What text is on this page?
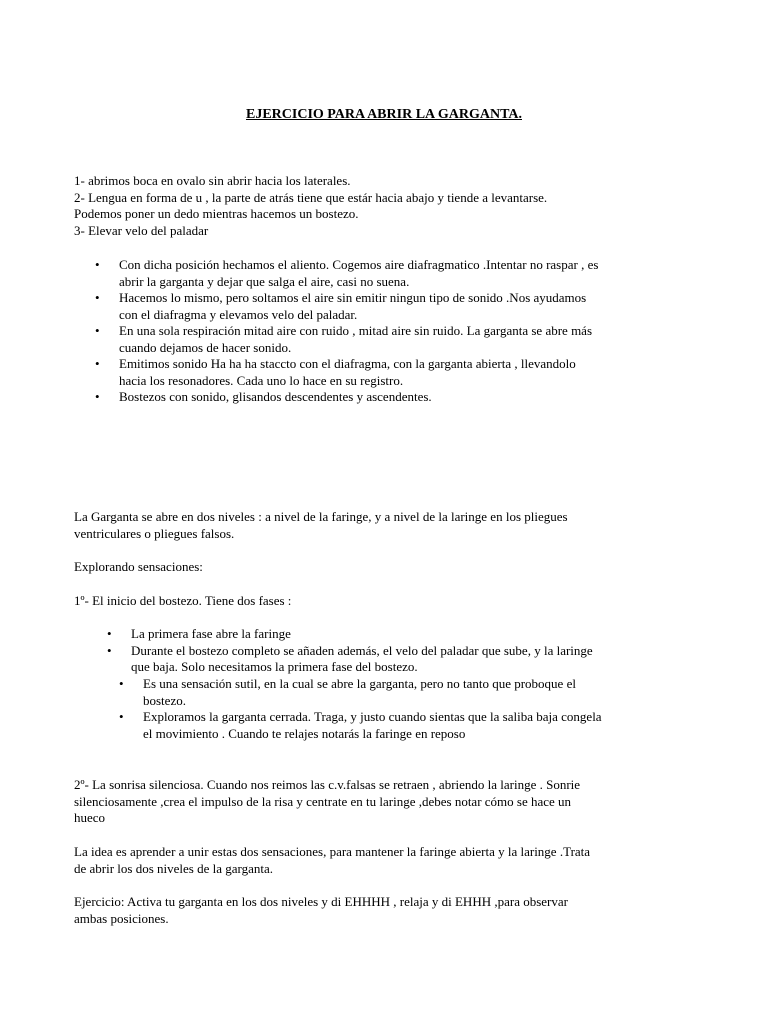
EJERCICIO PARA ABRIR LA GARGANTA.
1- abrimos boca en ovalo sin abrir hacia los laterales.
2- Lengua en forma de u , la parte de atrás tiene que estár hacia abajo y tiende a levantarse.
Podemos poner un dedo mientras hacemos un bostezo.
3- Elevar velo del paladar
•	Con dicha posición hechamos el aliento. Cogemos aire diafragmatico .Intentar no raspar , es
abrir la garganta y dejar que salga el aire, casi no suena.
•	Hacemos lo mismo, pero soltamos el aire sin emitir ningun tipo de sonido .Nos ayudamos
con el diafragma y elevamos velo del paladar.
•	En una sola respiración mitad aire con ruido , mitad aire sin ruido. La garganta se abre más
cuando dejamos de hacer sonido.
•	Emitimos sonido Ha ha ha staccto con el diafragma, con la garganta abierta , llevandolo
hacia los resonadores. Cada uno lo hace en su registro.
•	Bostezos con sonido, glisandos descendentes y ascendentes.
La Garganta se abre en dos niveles : a nivel de la faringe, y a nivel de la laringe en los pliegues
ventriculares o pliegues falsos.
Explorando sensaciones:
1º- El inicio del bostezo. Tiene dos fases :
•	La primera fase abre la faringe
•	Durante el bostezo completo se añaden además, el velo del paladar que sube, y la laringe
que baja. Solo necesitamos la primera fase del bostezo.
•	Es una sensación sutil, en la cual se abre la garganta, pero no tanto que proboque el
bostezo.
•	Exploramos la garganta cerrada. Traga, y justo cuando sientas que la saliba baja congela
el movimiento . Cuando te relajes notarás la faringe en reposo
2º- La sonrisa silenciosa. Cuando nos reimos las c.v.falsas se retraen , abriendo la laringe . Sonrie
silenciosamente ,crea el impulso de la risa y centrate en tu laringe ,debes notar cómo se hace un
hueco
La idea es aprender a unir estas dos sensaciones, para mantener la faringe abierta y la laringe .Trata
de abrir los dos niveles de la garganta.
Ejercicio: Activa tu garganta en los dos niveles y di EHHHH , relaja y di EHHH ,para observar
ambas posiciones.
